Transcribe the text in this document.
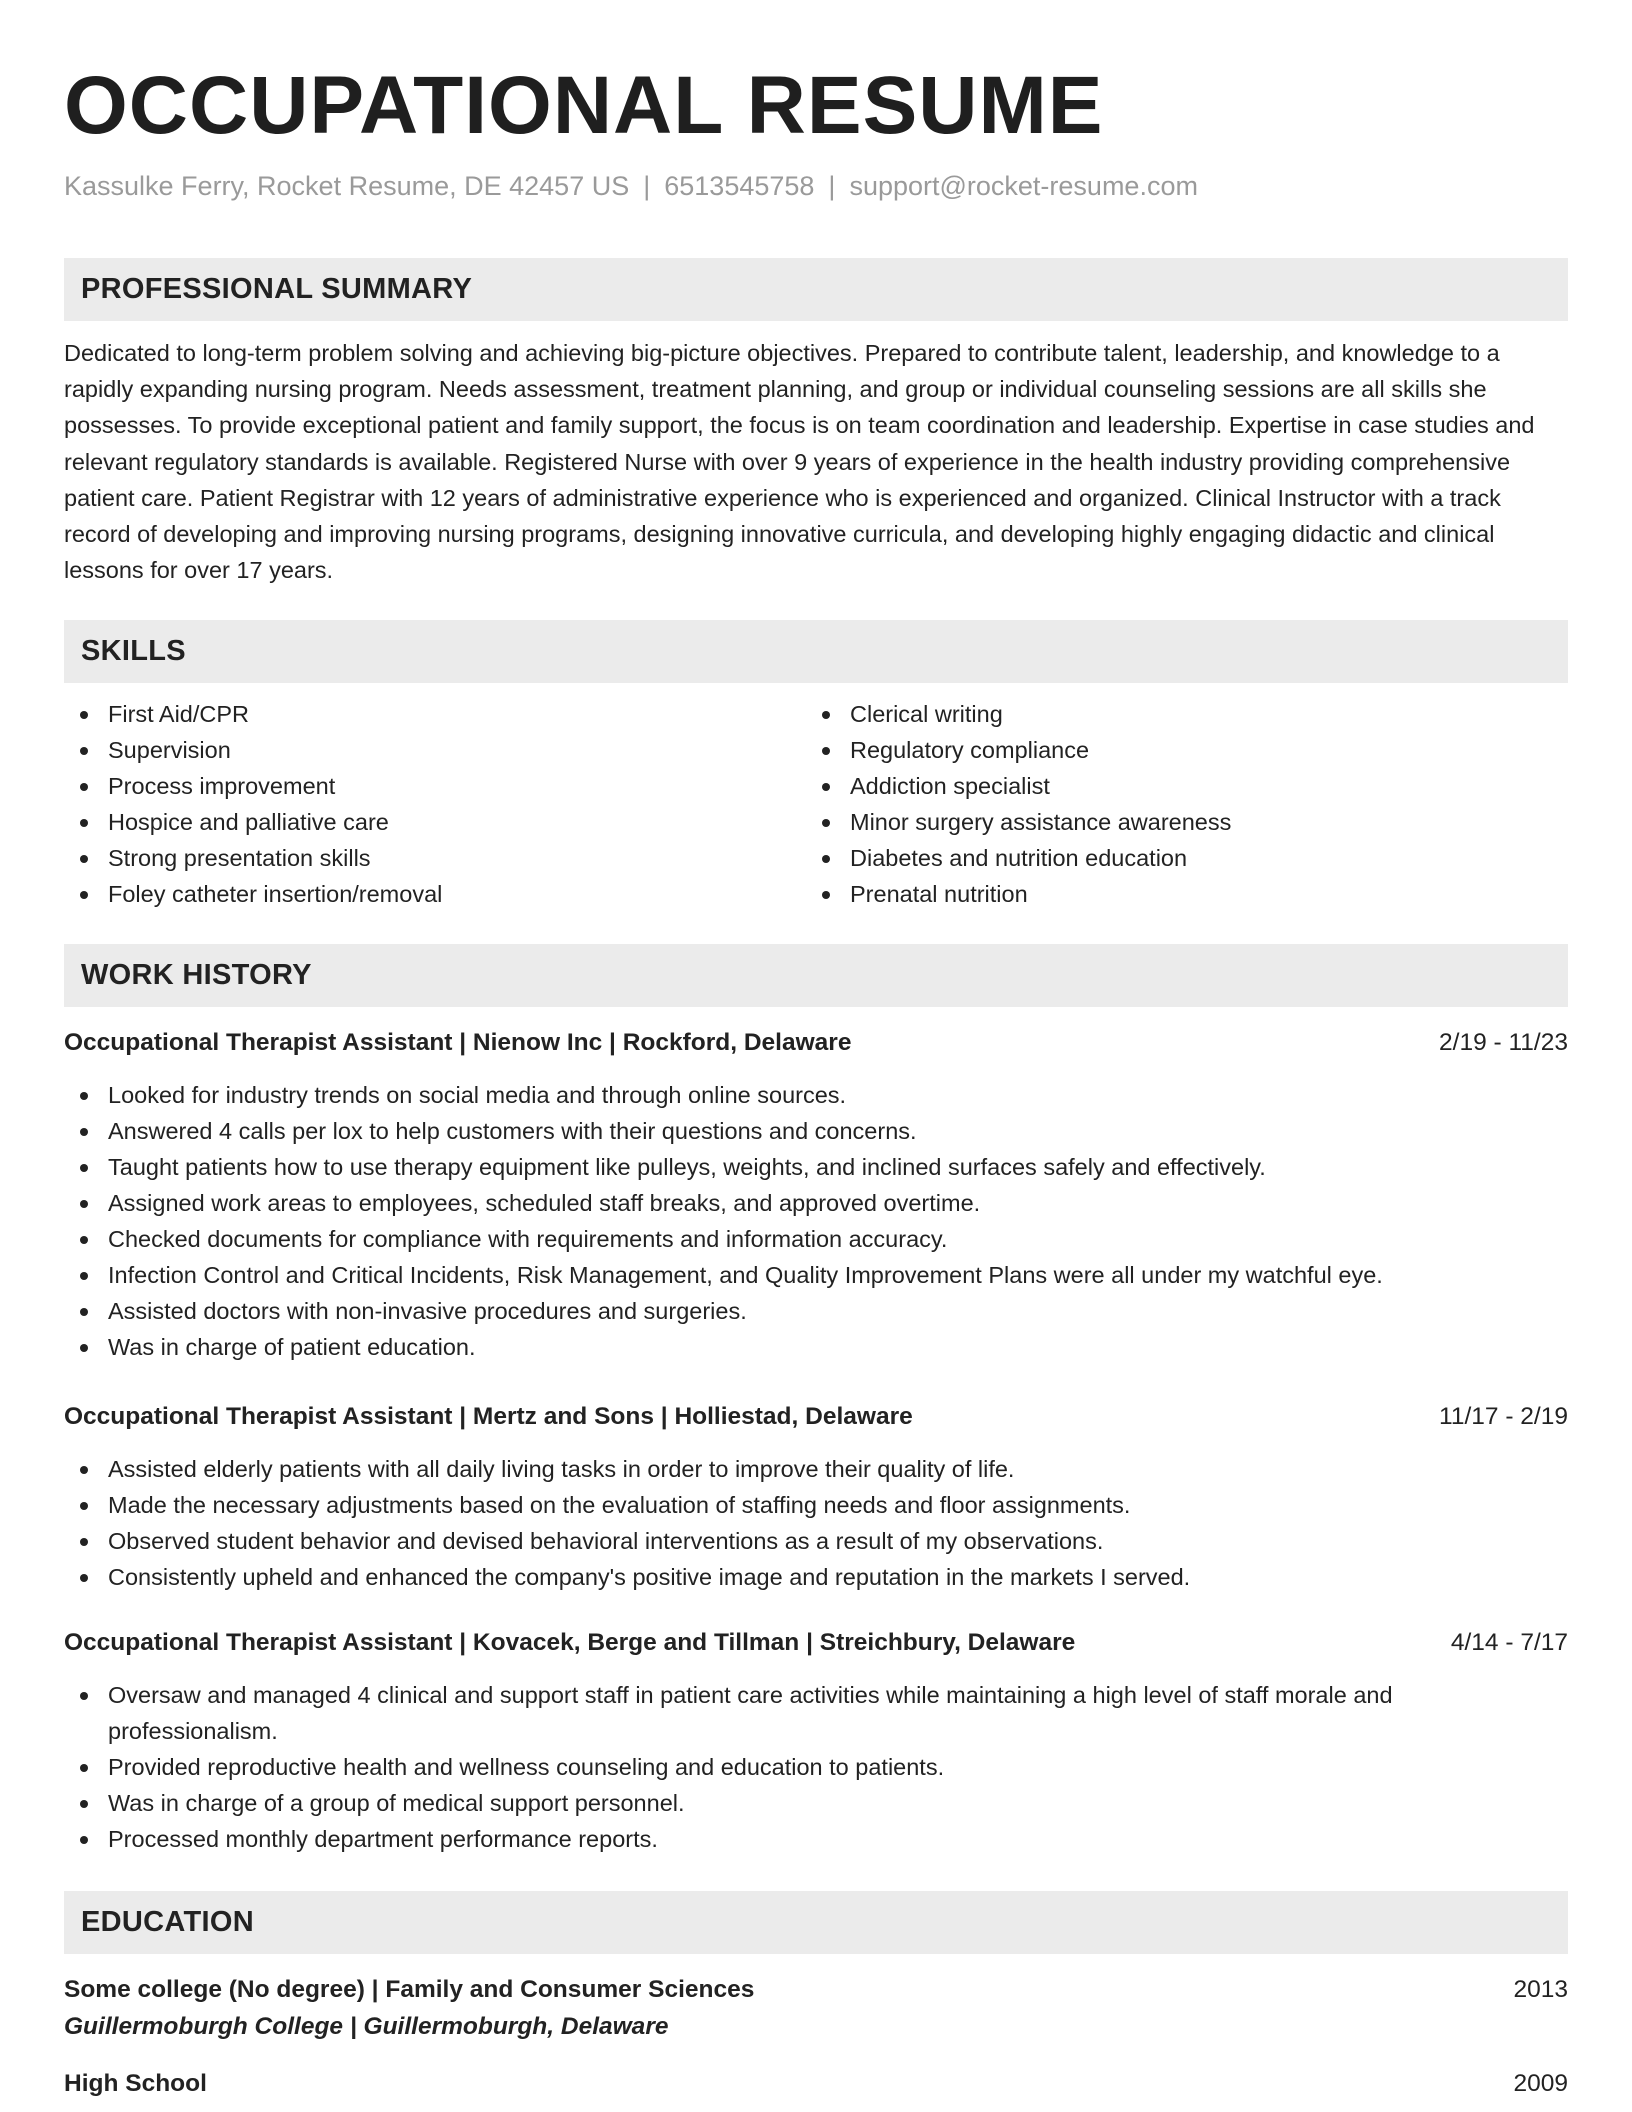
OCCUPATIONAL RESUME
Kassulke Ferry, Rocket Resume, DE 42457 US | 6513545758 | support@rocket-resume.com
PROFESSIONAL SUMMARY
Dedicated to long-term problem solving and achieving big-picture objectives. Prepared to contribute talent, leadership, and knowledge to a rapidly expanding nursing program. Needs assessment, treatment planning, and group or individual counseling sessions are all skills she possesses. To provide exceptional patient and family support, the focus is on team coordination and leadership. Expertise in case studies and relevant regulatory standards is available. Registered Nurse with over 9 years of experience in the health industry providing comprehensive patient care. Patient Registrar with 12 years of administrative experience who is experienced and organized. Clinical Instructor with a track record of developing and improving nursing programs, designing innovative curricula, and developing highly engaging didactic and clinical lessons for over 17 years.
SKILLS
First Aid/CPR
Supervision
Process improvement
Hospice and palliative care
Strong presentation skills
Foley catheter insertion/removal
Clerical writing
Regulatory compliance
Addiction specialist
Minor surgery assistance awareness
Diabetes and nutrition education
Prenatal nutrition
WORK HISTORY
Occupational Therapist Assistant | Nienow Inc | Rockford, Delaware	2/19 - 11/23
Looked for industry trends on social media and through online sources.
Answered 4 calls per lox to help customers with their questions and concerns.
Taught patients how to use therapy equipment like pulleys, weights, and inclined surfaces safely and effectively.
Assigned work areas to employees, scheduled staff breaks, and approved overtime.
Checked documents for compliance with requirements and information accuracy.
Infection Control and Critical Incidents, Risk Management, and Quality Improvement Plans were all under my watchful eye.
Assisted doctors with non-invasive procedures and surgeries.
Was in charge of patient education.
Occupational Therapist Assistant | Mertz and Sons | Holliestad, Delaware	11/17 - 2/19
Assisted elderly patients with all daily living tasks in order to improve their quality of life.
Made the necessary adjustments based on the evaluation of staffing needs and floor assignments.
Observed student behavior and devised behavioral interventions as a result of my observations.
Consistently upheld and enhanced the company's positive image and reputation in the markets I served.
Occupational Therapist Assistant | Kovacek, Berge and Tillman | Streichbury, Delaware	4/14 - 7/17
Oversaw and managed 4 clinical and support staff in patient care activities while maintaining a high level of staff morale and professionalism.
Provided reproductive health and wellness counseling and education to patients.
Was in charge of a group of medical support personnel.
Processed monthly department performance reports.
EDUCATION
Some college (No degree) | Family and Consumer Sciences	2013
Guillermoburgh College | Guillermoburgh, Delaware
High School	2009
